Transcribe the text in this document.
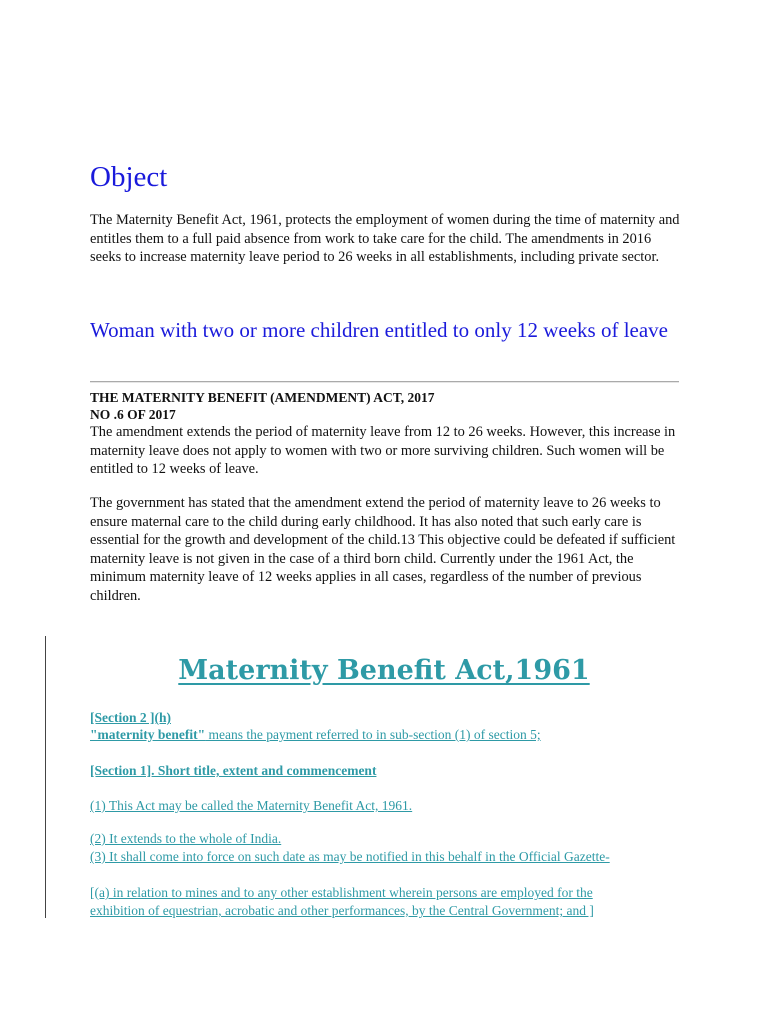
Object

The Maternity Benefit Act, 1961, protects the employment of women during the time of maternity and entitles them to a full paid absence from work to take care for the child. The amendments in 2016 seeks to increase maternity leave period to 26 weeks in all establishments, including private sector.

Woman with two or more children entitled to only 12 weeks of leave

THE MATERNITY BENEFIT (AMENDMENT) ACT, 2017

NO .6 OF 2017

The amendment extends the period of maternity leave from 12 to 26 weeks. However, this increase in maternity leave does not apply to women with two or more surviving children. Such women will be entitled to 12 weeks of leave.

The government has stated that the amendment extend the period of maternity leave to 26 weeks to ensure maternal care to the child during early childhood. It has also noted that such early care is essential for the growth and development of the child.13 This objective could be defeated if sufficient maternity leave is not given in the case of a third born child. Currently under the 1961 Act, the minimum maternity leave of 12 weeks applies in all cases, regardless of the number of previous children.

Maternity Benefit Act,1961

[Section 2 ](h)

"maternity benefit" means the payment referred to in sub-section (1) of section 5;

[Section 1]. Short title, extent and commencement

(1) This Act may be called the Maternity Benefit Act, 1961.

(2) It extends to the whole of India.

(3) It shall come into force on such date as may be notified in this behalf in the Official Gazette-

[(a) in relation to mines and to any other establishment wherein persons are employed for the

exhibition of equestrian, acrobatic and other performances, by the Central Government; and ]
